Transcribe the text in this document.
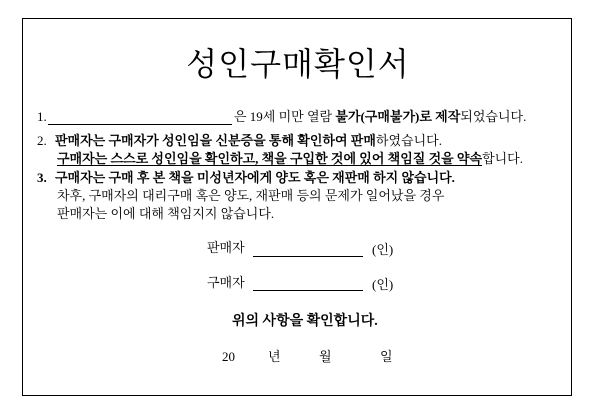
성인구매확인서
1.	은 19세 미만 열람 불가(구매불가)로 제작되었습니다.
2. 판매자는 구매자가 성인임을 신분증을 통해 확인하여 판매하였습니다.
구매자는 스스로 성인임을 확인하고, 책을 구입한 것에 있어 책임질 것을 약속합니다.
3. 구매자는 구매 후 본 책을 미성년자에게 양도 혹은 재판매 하지 않습니다.
차후, 구매자의 대리구매 혹은 양도, 재판매 등의 문제가 일어났을 경우
판매자는 이에 대해 책임지지 않습니다.
판매자	(인)
구매자	(인)
위의 사항을 확인합니다.
20	년	월	일
